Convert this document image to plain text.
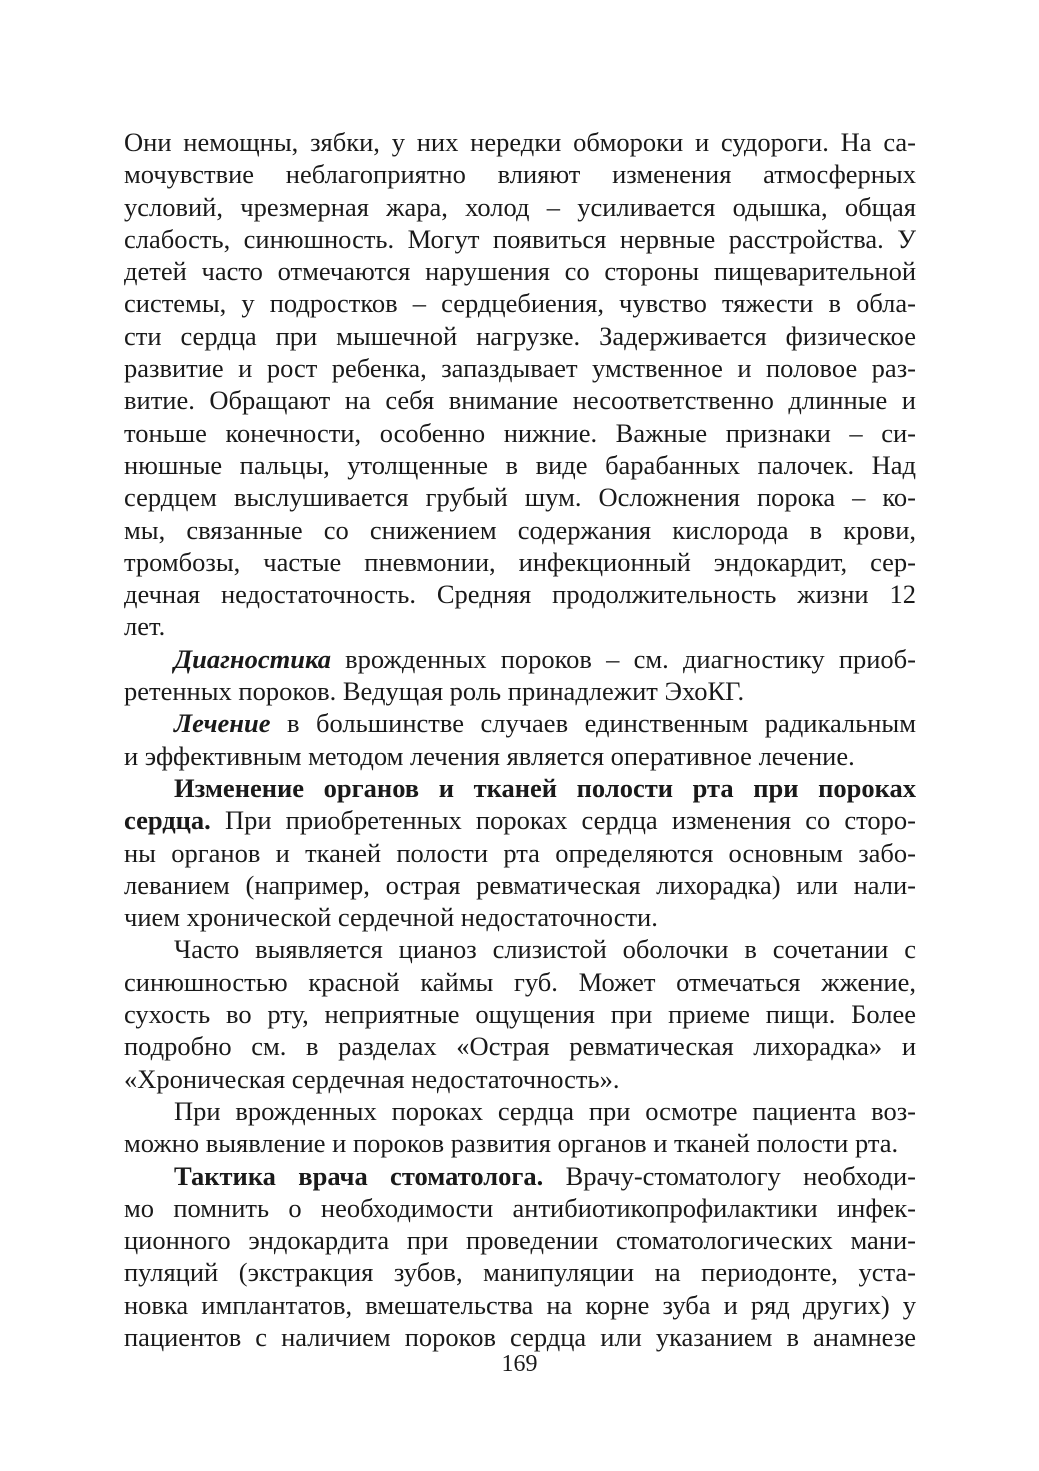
Они немощны, зябки, у них нередки обмороки и судороги. На са-
мочувствие неблагоприятно влияют изменения атмосферных
условий, чрезмерная жара, холод – усиливается одышка, общая
слабость, синюшность. Могут появиться нервные расстройства. У
детей часто отмечаются нарушения со стороны пищеварительной
системы, у подростков – сердцебиения, чувство тяжести в обла-
сти сердца при мышечной нагрузке. Задерживается физическое
развитие и рост ребенка, запаздывает умственное и половое раз-
витие. Обращают на себя внимание несоответственно длинные и
тоньше конечности, особенно нижние. Важные признаки – си-
нюшные пальцы, утолщенные в виде барабанных палочек. Над
сердцем выслушивается грубый шум. Осложнения порока – ко-
мы, связанные со снижением содержания кислорода в крови,
тромбозы, частые пневмонии, инфекционный эндокардит, сер-
дечная недостаточность. Средняя продолжительность жизни 12
лет.
Диагностика врожденных пороков – см. диагностику приоб-
ретенных пороков. Ведущая роль принадлежит ЭхоКГ.
Лечение в большинстве случаев единственным радикальным
и эффективным методом лечения является оперативное лечение.
Изменение органов и тканей полости рта при пороках
сердца. При приобретенных пороках сердца изменения со сторо-
ны органов и тканей полости рта определяются основным забо-
леванием (например, острая ревматическая лихорадка) или нали-
чием хронической сердечной недостаточности.
Часто выявляется цианоз слизистой оболочки в сочетании с
синюшностью красной каймы губ. Может отмечаться жжение,
сухость во рту, неприятные ощущения при приеме пищи. Более
подробно см. в разделах «Острая ревматическая лихорадка» и
«Хроническая сердечная недостаточность».
При врожденных пороках сердца при осмотре пациента воз-
можно выявление и пороков развития органов и тканей полости рта.
Тактика врача стоматолога. Врачу-стоматологу необходи-
мо помнить о необходимости антибиотикопрофилактики инфек-
ционного эндокардита при проведении стоматологических мани-
пуляций (экстракция зубов, манипуляции на периодонте, уста-
новка имплантатов, вмешательства на корне зуба и ряд других) у
пациентов с наличием пороков сердца или указанием в анамнезе
169
